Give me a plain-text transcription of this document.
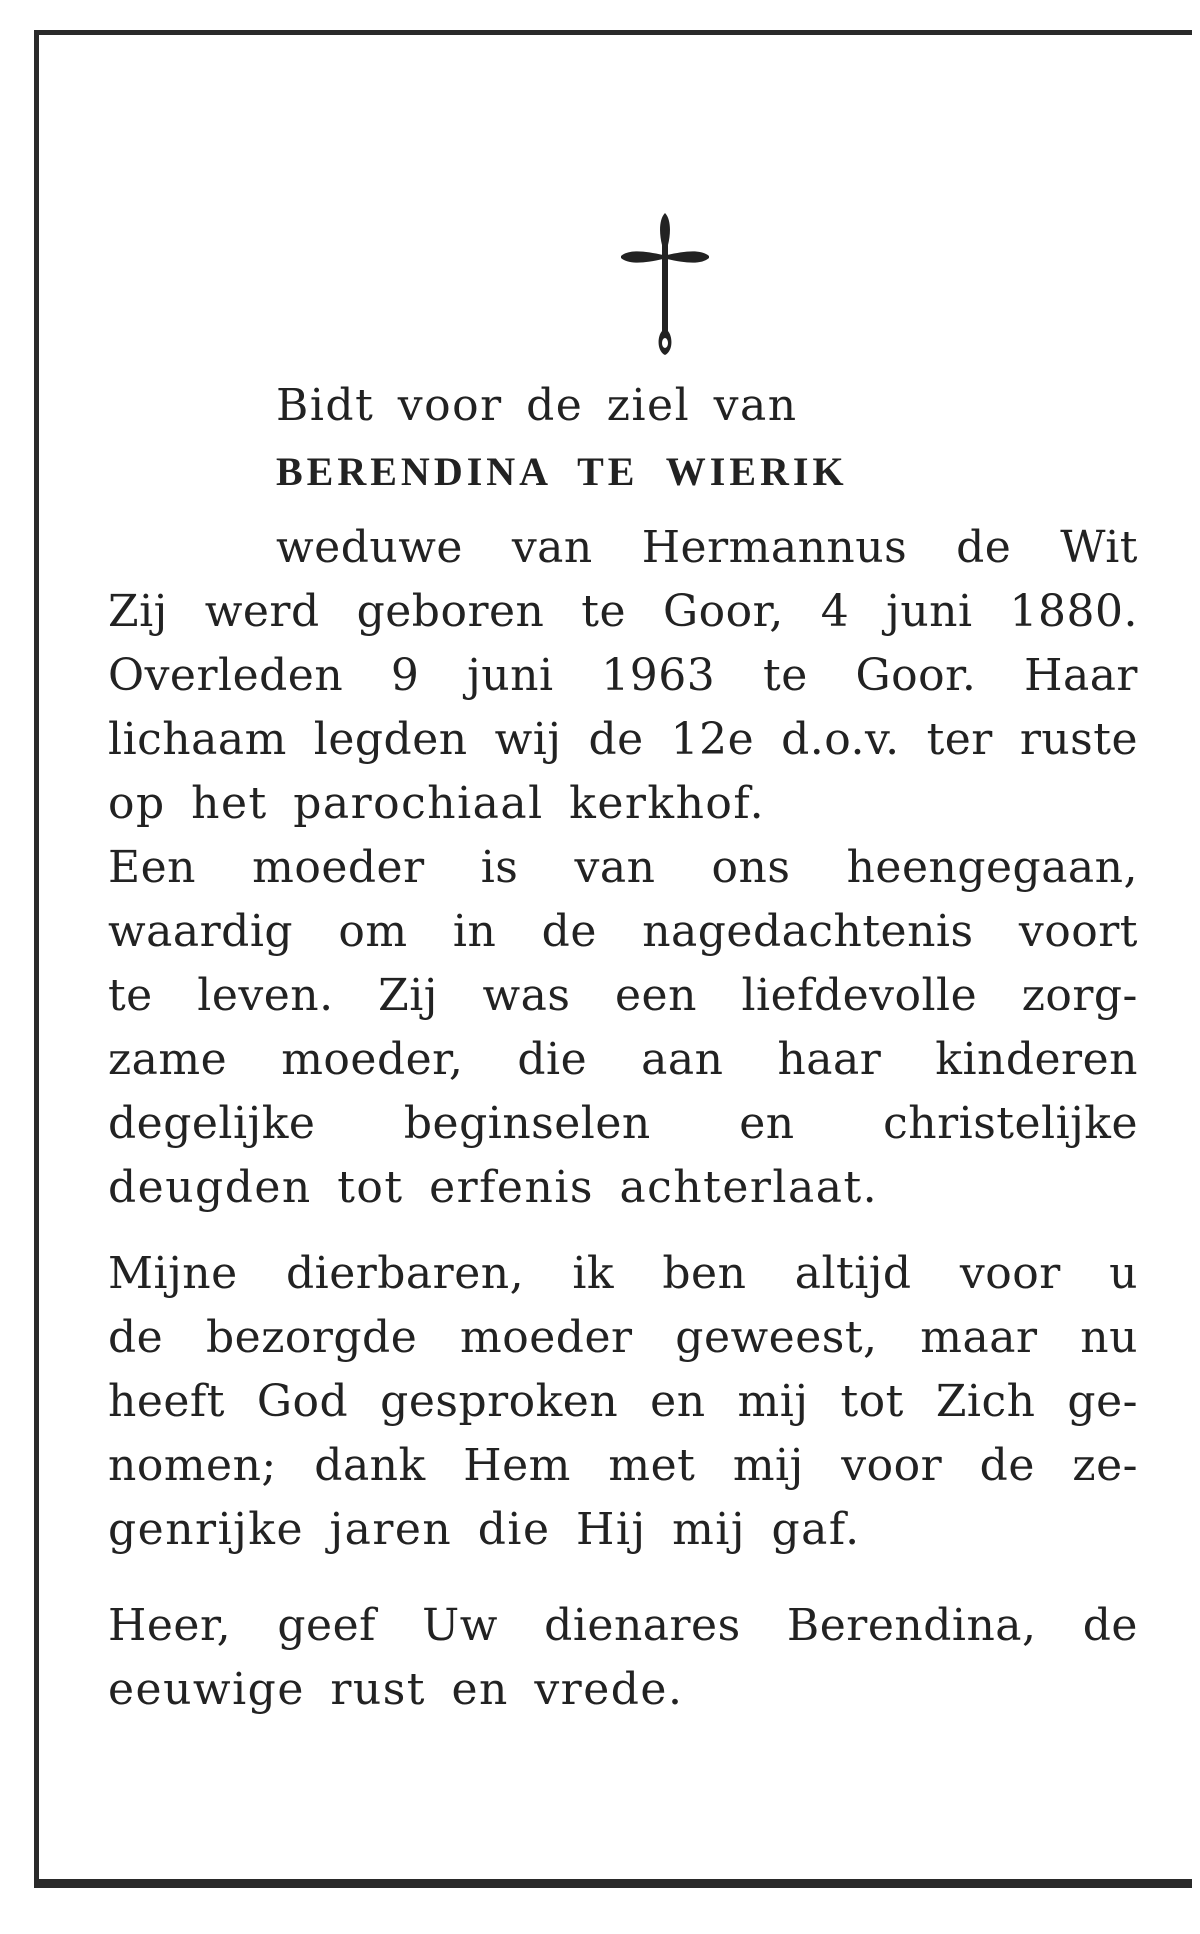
Bidt voor de ziel van
BERENDINA TE WIERIK
weduwe van Hermannus de Wit
Zij werd geboren te Goor, 4 juni 1880.
Overleden 9 juni 1963 te Goor. Haar
lichaam legden wij de 12e d.o.v. ter ruste
op het parochiaal kerkhof.
Een moeder is van ons heengegaan,
waardig om in de nagedachtenis voort
te leven. Zij was een liefdevolle zorg-
zame moeder, die aan haar kinderen
degelijke beginselen en christelijke
deugden tot erfenis achterlaat.
Mijne dierbaren, ik ben altijd voor u
de bezorgde moeder geweest, maar nu
heeft God gesproken en mij tot Zich ge-
nomen; dank Hem met mij voor de ze-
genrijke jaren die Hij mij gaf.
Heer, geef Uw dienares Berendina, de
eeuwige rust en vrede.
